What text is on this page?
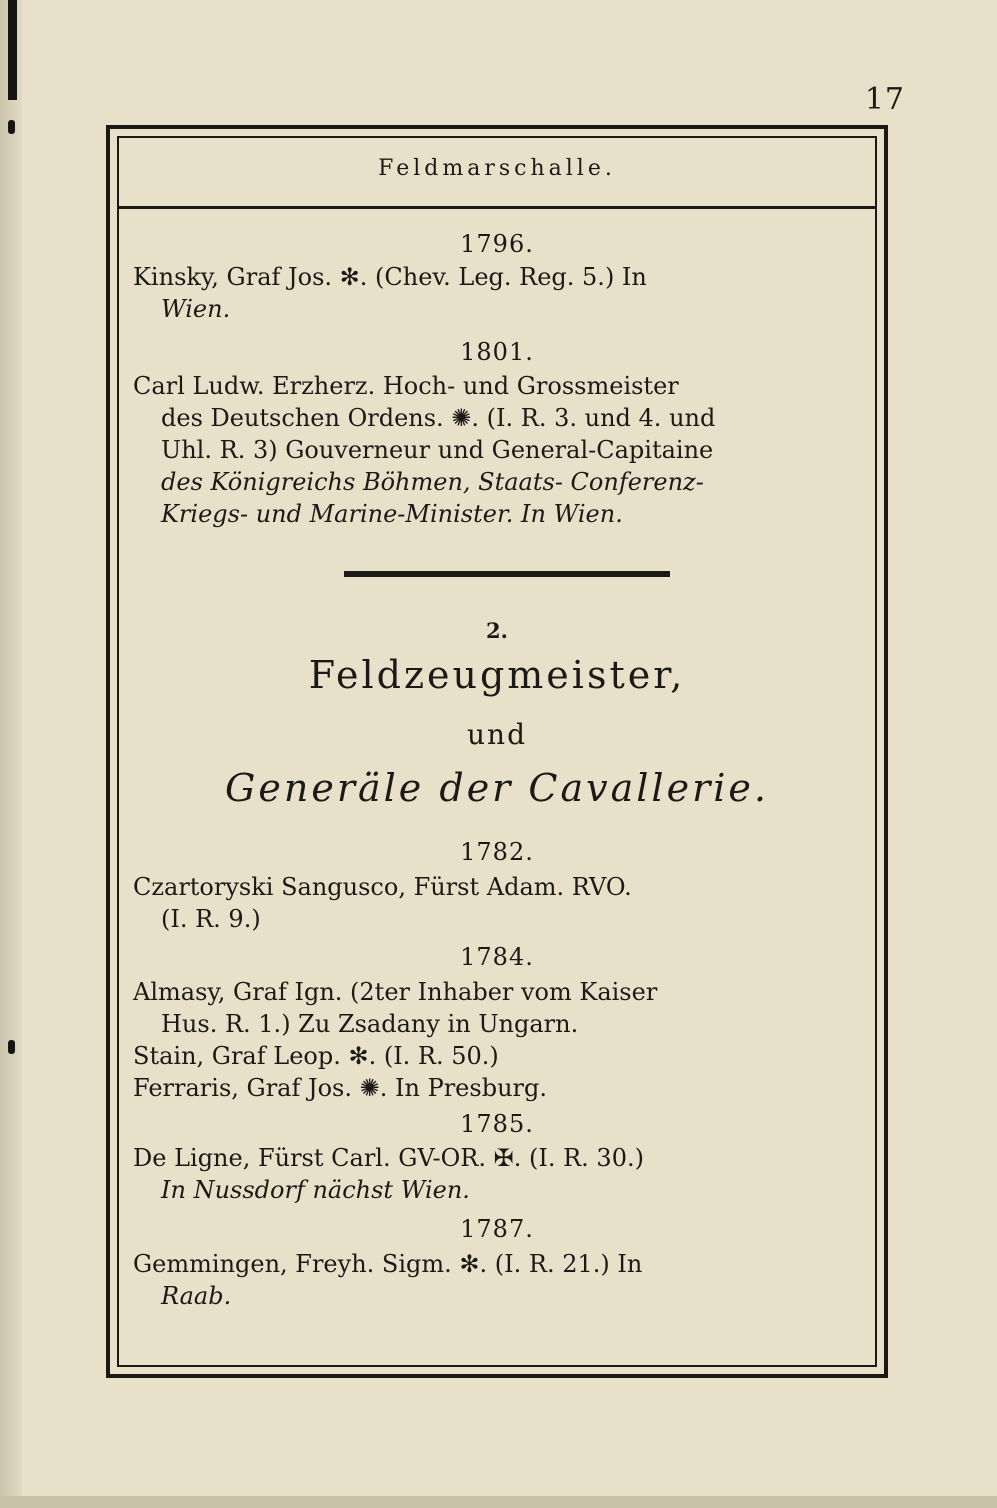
17
Feldmarschalle.
1796.

Kinsky, Graf Jos. ✻. (Chev. Leg. Reg. 5.) In

Wien.

1801.

Carl Ludw. Erzherz. Hoch- und Grossmeister

des Deutschen Ordens. ✺. (I. R. 3. und 4. und

Uhl. R. 3) Gouverneur und General-Capitaine

des Königreichs Böhmen, Staats- Conferenz-

Kriegs- und Marine-Minister. In Wien.

2.
Feldzeugmeister,
und
Generäle der Cavallerie.
1782.

Czartoryski Sangusco, Fürst Adam. RVO.

(I. R. 9.)

1784.

Almasy, Graf Ign. (2ter Inhaber vom Kaiser

Hus. R. 1.) Zu Zsadany in Ungarn.

Stain, Graf Leop. ✻. (I. R. 50.)

Ferraris, Graf Jos. ✺. In Presburg.

1785.

De Ligne, Fürst Carl. GV-OR. ✠. (I. R. 30.)

In Nussdorf nächst Wien.

1787.

Gemmingen, Freyh. Sigm. ✻. (I. R. 21.) In

Raab.
